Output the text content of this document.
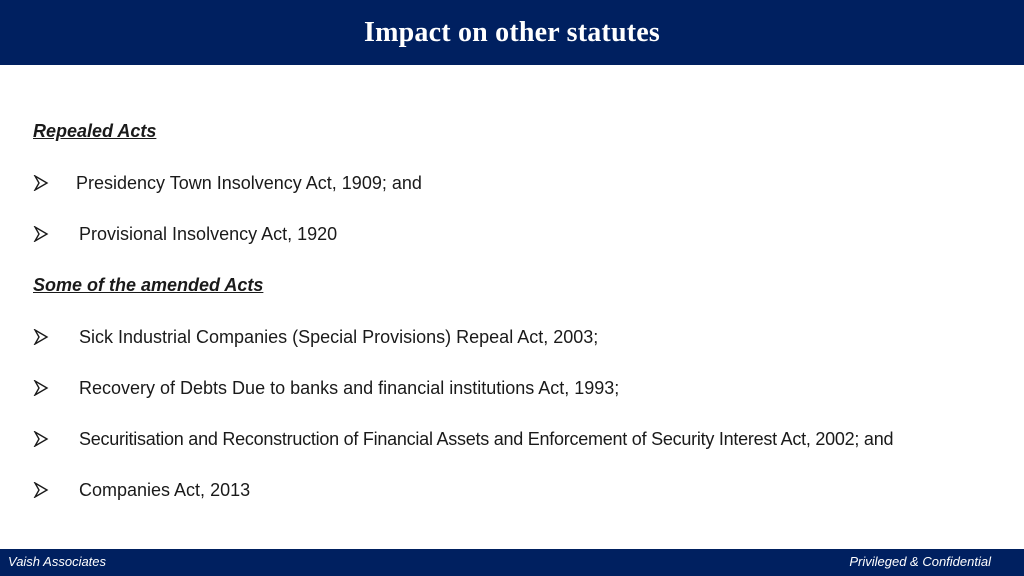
Impact on other statutes
Repealed Acts
Presidency Town Insolvency Act, 1909; and
Provisional Insolvency Act, 1920
Some of the amended Acts
Sick Industrial Companies (Special Provisions) Repeal Act, 2003;
Recovery of Debts Due to banks and financial institutions Act, 1993;
Securitisation and Reconstruction of Financial Assets and Enforcement of Security Interest Act, 2002; and
Companies Act, 2013
Vaish Associates	Privileged & Confidential
